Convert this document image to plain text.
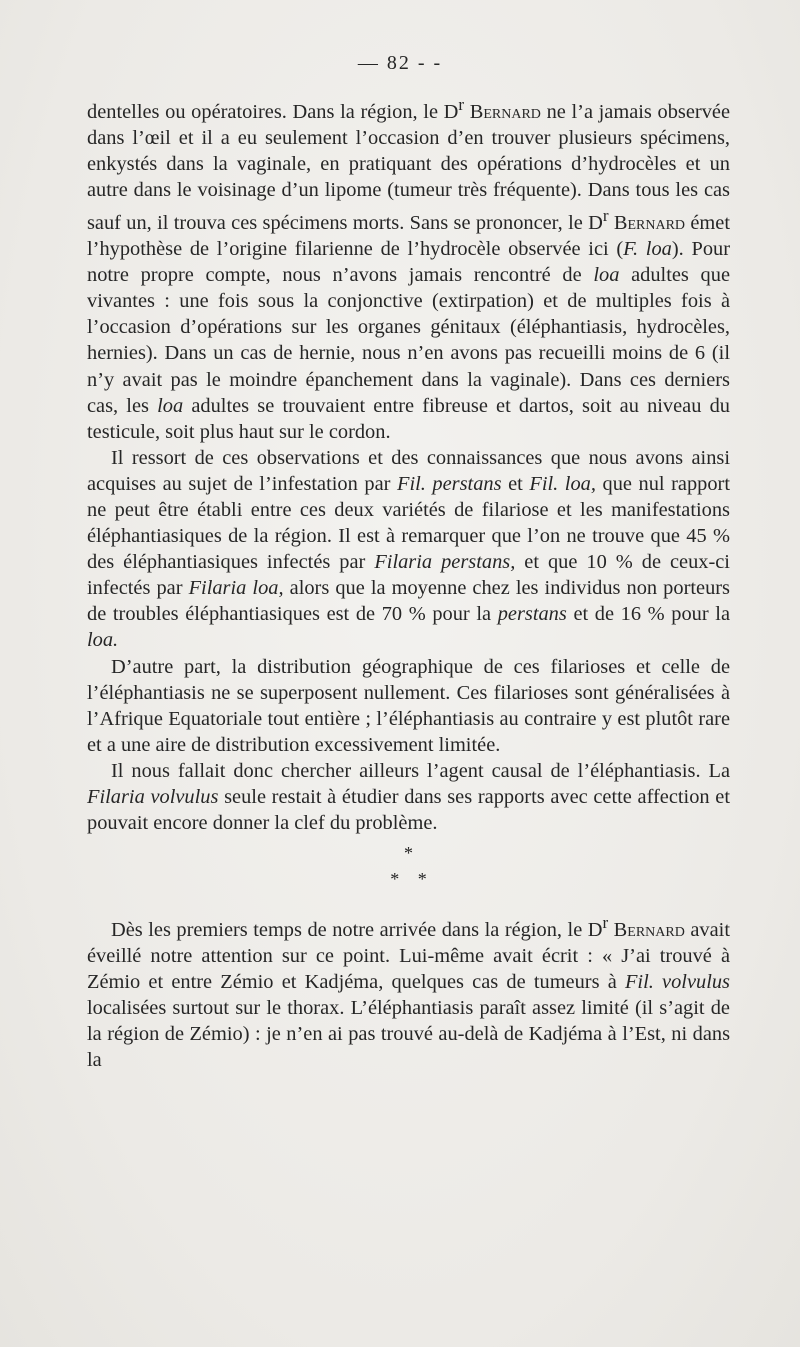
— 82 - -

dentelles ou opératoires. Dans la région, le $D^r$ Bernard ne l’a jamais observée dans l’œil et il a eu seulement l’occasion d’en trouver plusieurs spécimens, enkystés dans la vaginale, en pratiquant des opérations d’hydrocèles et un autre dans le voisinage d’un lipome (tumeur très fréquente). Dans tous les cas sauf un, il trouva ces spécimens morts. Sans se prononcer, le $D^r$ Bernard émet l’hypothèse de l’origine filarienne de l’hydrocèle observée ici (F. loa). Pour notre propre compte, nous n’avons jamais rencontré de loa adultes que vivantes : une fois sous la conjonctive (extirpation) et de multiples fois à l’occasion d’opérations sur les organes génitaux (éléphantiasis, hydrocèles, hernies). Dans un cas de hernie, nous n’en avons pas recueilli moins de 6 (il n’y avait pas le moindre épanchement dans la vaginale). Dans ces derniers cas, les loa adultes se trouvaient entre fibreuse et dartos, soit au niveau du testicule, soit plus haut sur le cordon.

Il ressort de ces observations et des connaissances que nous avons ainsi acquises au sujet de l’infestation par Fil. perstans et Fil. loa, que nul rapport ne peut être établi entre ces deux variétés de filariose et les manifestations éléphantiasiques de la région. Il est à remarquer que l’on ne trouve que 45 % des éléphantiasiques infectés par Filaria perstans, et que 10 % de ceux-ci infectés par Filaria loa, alors que la moyenne chez les individus non porteurs de troubles éléphantiasiques est de 70 % pour la perstans et de 16 % pour la loa.

D’autre part, la distribution géographique de ces filarioses et celle de l’éléphantiasis ne se superposent nullement. Ces filarioses sont généralisées à l’Afrique Equatoriale tout entière ; l’éléphantiasis au contraire y est plutôt rare et a une aire de distribution excessivement limitée.

Il nous fallait donc chercher ailleurs l’agent causal de l’éléphantiasis. La Filaria volvulus seule restait à étudier dans ses rapports avec cette affection et pouvait encore donner la clef du problème.

*
* *

Dès les premiers temps de notre arrivée dans la région, le $D^r$ Bernard avait éveillé notre attention sur ce point. Lui-même avait écrit : « J’ai trouvé à Zémio et entre Zémio et Kadjéma, quelques cas de tumeurs à Fil. volvulus localisées surtout sur le thorax. L’éléphantiasis paraît assez limité (il s’agit de la région de Zémio) : je n’en ai pas trouvé au-delà de Kadjéma à l’Est, ni dans la
